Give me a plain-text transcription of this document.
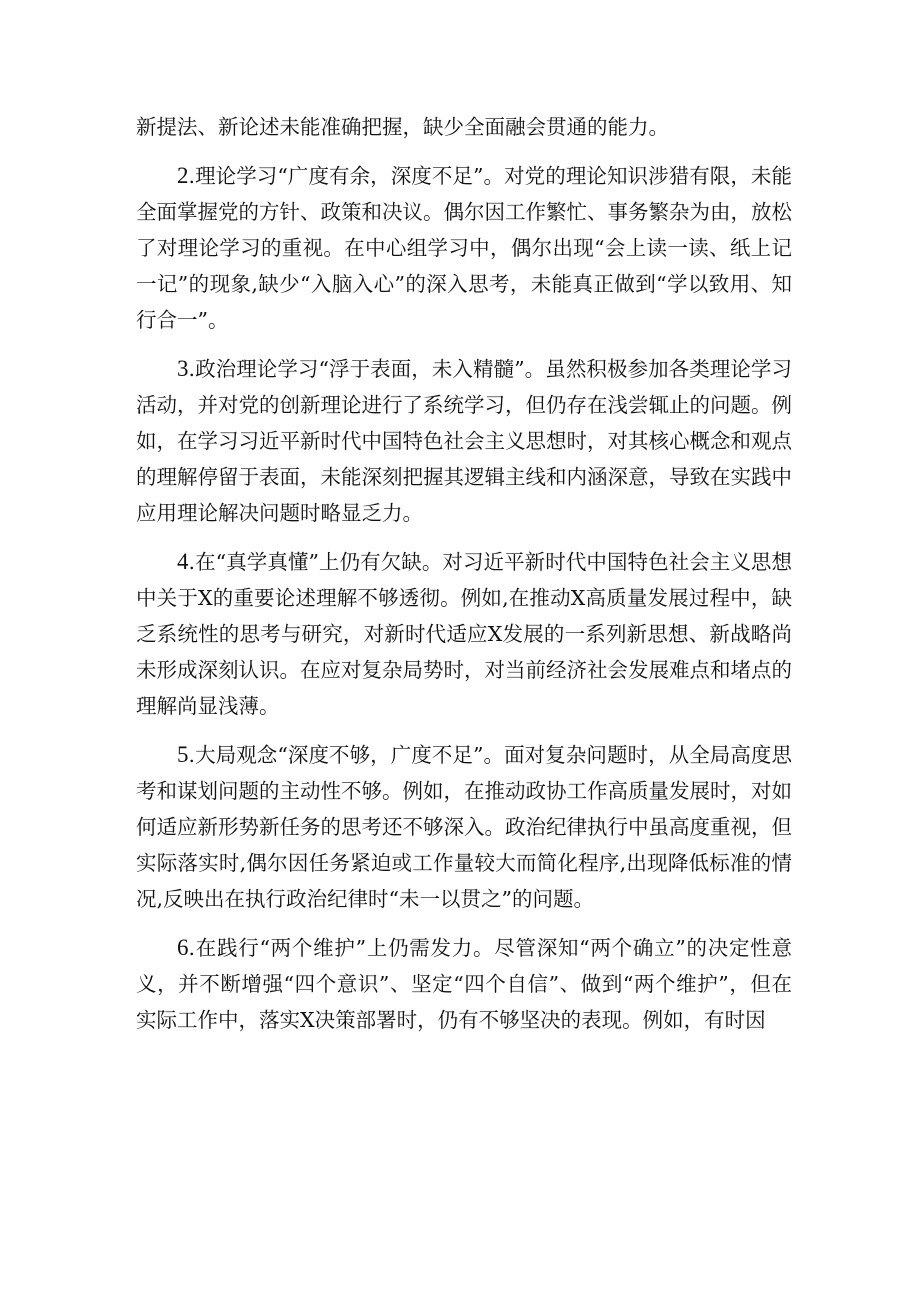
新提法、新论述未能准确把握，缺少全面融会贯通的能力。

2.理论学习“广度有余，深度不足”。对党的理论知识涉猎有限，未能全面掌握党的方针、政策和决议。偶尔因工作繁忙、事务繁杂为由，放松了对理论学习的重视。在中心组学习中，偶尔出现“会上读一读、纸上记一记”的现象,缺少“入脑入心”的深入思考，未能真正做到“学以致用、知行合一”。

3.政治理论学习“浮于表面，未入精髓”。虽然积极参加各类理论学习活动，并对党的创新理论进行了系统学习，但仍存在浅尝辄止的问题。例如，在学习习近平新时代中国特色社会主义思想时，对其核心概念和观点的理解停留于表面，未能深刻把握其逻辑主线和内涵深意，导致在实践中应用理论解决问题时略显乏力。

4.在“真学真懂”上仍有欠缺。对习近平新时代中国特色社会主义思想中关于X的重要论述理解不够透彻。例如,在推动X高质量发展过程中，缺乏系统性的思考与研究，对新时代适应X发展的一系列新思想、新战略尚未形成深刻认识。在应对复杂局势时，对当前经济社会发展难点和堵点的理解尚显浅薄。

5.大局观念“深度不够，广度不足”。面对复杂问题时，从全局高度思考和谋划问题的主动性不够。例如，在推动政协工作高质量发展时，对如何适应新形势新任务的思考还不够深入。政治纪律执行中虽高度重视，但实际落实时,偶尔因任务紧迫或工作量较大而简化程序,出现降低标准的情况,反映出在执行政治纪律时“未一以贯之”的问题。

6.在践行“两个维护”上仍需发力。尽管深知“两个确立”的决定性意义，并不断增强“四个意识”、坚定“四个自信”、做到“两个维护”，但在实际工作中，落实X决策部署时，仍有不够坚决的表现。例如，有时因
